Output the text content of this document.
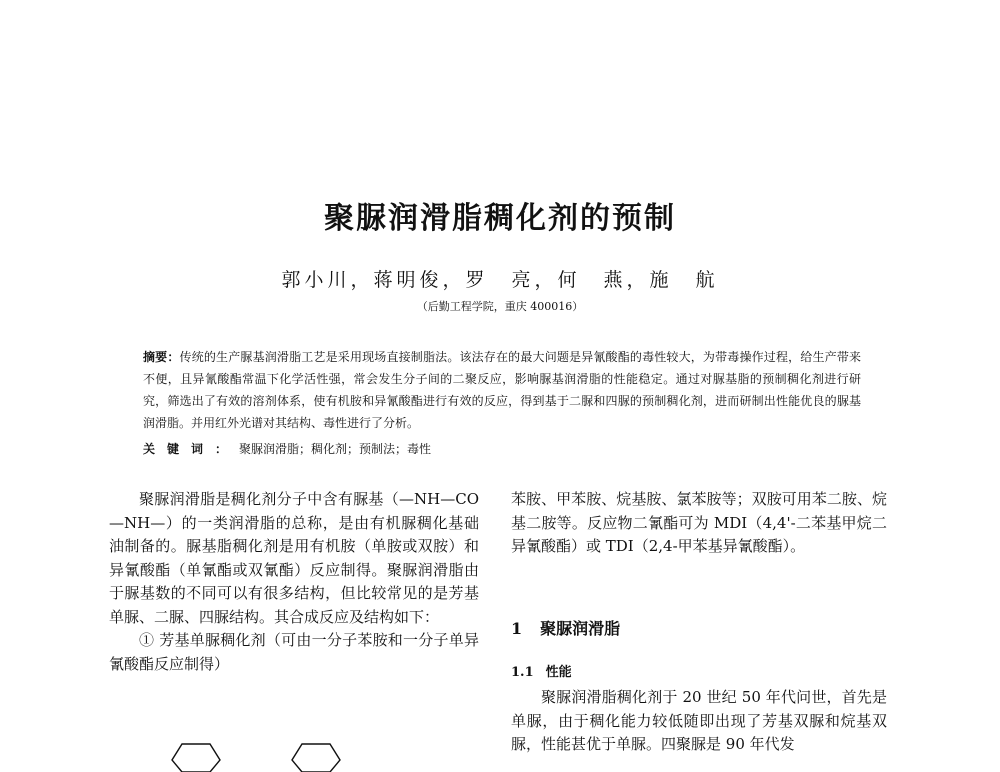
聚脲润滑脂稠化剂的预制
郭小川，蒋明俊，罗　亮，何　燕，施　航
（后勤工程学院，重庆 400016）
摘要：传统的生产脲基润滑脂工艺是采用现场直接制脂法。该法存在的最大问题是异氰酸酯的毒性较大，为带毒操作过程，给生产带来不便，且异氰酸酯常温下化学活性强，常会发生分子间的二聚反应，影响脲基润滑脂的性能稳定。通过对脲基脂的预制稠化剂进行研究，筛选出了有效的溶剂体系，使有机胺和异氰酸酯进行有效的反应，得到基于二脲和四脲的预制稠化剂，进而研制出性能优良的脲基润滑脂。并用红外光谱对其结构、毒性进行了分析。
关键词：聚脲润滑脂；稠化剂；预制法；毒性

聚脲润滑脂是稠化剂分子中含有脲基（—NH—CO—NH—）的一类润滑脂的总称，是由有机脲稠化基础油制备的。脲基脂稠化剂是用有机胺（单胺或双胺）和异氰酸酯（单氰酯或双氰酯）反应制得。聚脲润滑脂由于脲基数的不同可以有很多结构，但比较常见的是芳基单脲、二脲、四脲结构。其合成反应及结构如下：

① 芳基单脲稠化剂（可由一分子苯胺和一分子单异氰酸酯反应制得）

苯胺、甲苯胺、烷基胺、氯苯胺等；双胺可用苯二胺、烷基二胺等。反应物二氰酯可为 MDI（4,4'-二苯基甲烷二异氰酸酯）或 TDI（2,4-甲苯基异氰酸酯）。

1 聚脲润滑脂
1.1 性能

聚脲润滑脂稠化剂于 20 世纪 50 年代问世，首先是单脲，由于稠化能力较低随即出现了芳基双脲和烷基双脲，性能甚优于单脲。四聚脲是 90 年代发
